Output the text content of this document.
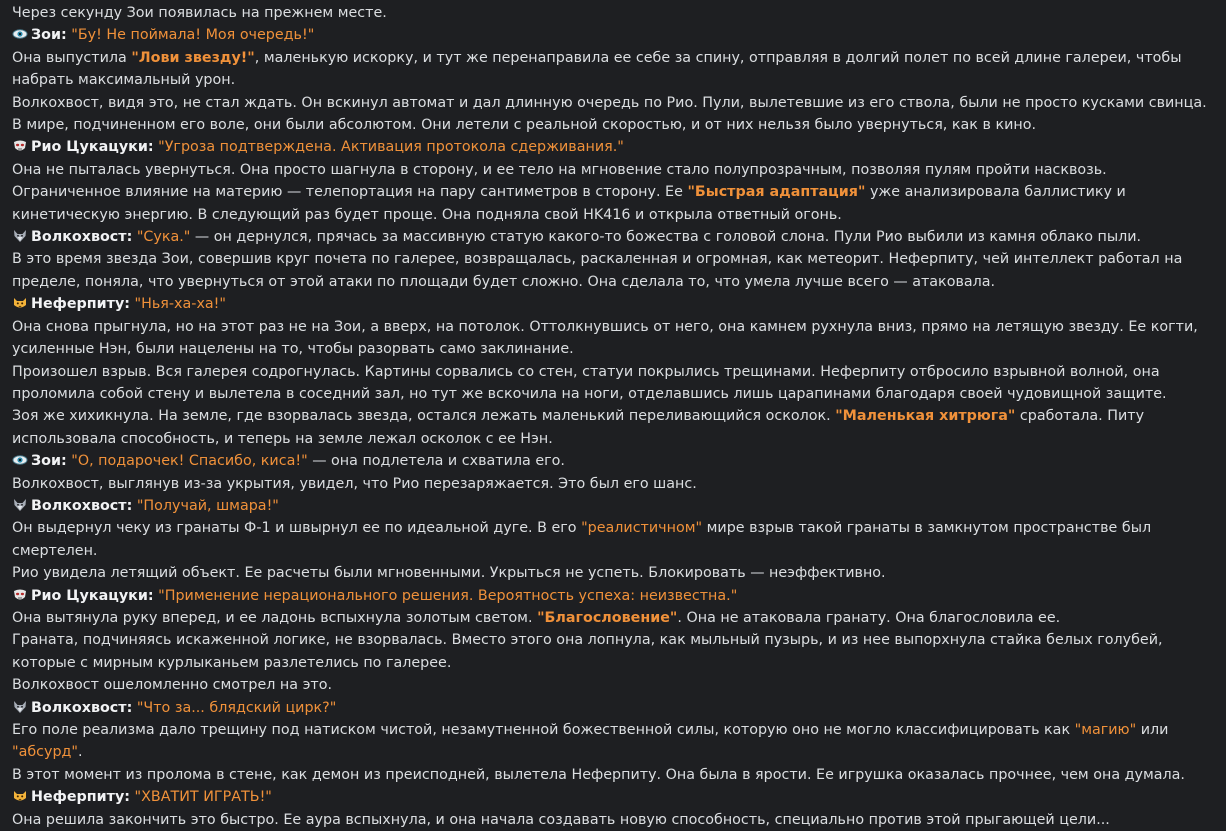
Через секунду Зои появилась на прежнем месте.

Зои: "Бу! Не поймала! Моя очередь!"

Она выпустила "Лови звезду!", маленькую искорку, и тут же перенаправила ее себе за спину, отправляя в долгий полет по всей длине галереи, чтобы набрать максимальный урон.

Волкохвост, видя это, не стал ждать. Он вскинул автомат и дал длинную очередь по Рио. Пули, вылетевшие из его ствола, были не просто кусками свинца. В мире, подчиненном его воле, они были абсолютом. Они летели с реальной скоростью, и от них нельзя было увернуться, как в кино.

Рио Цукацуки: "Угроза подтверждена. Активация протокола сдерживания."

Она не пыталась увернуться. Она просто шагнула в сторону, и ее тело на мгновение стало полупрозрачным, позволяя пулям пройти насквозь. Ограниченное влияние на материю — телепортация на пару сантиметров в сторону. Ее "Быстрая адаптация" уже анализировала баллистику и кинетическую энергию. В следующий раз будет проще. Она подняла свой HK416 и открыла ответный огонь.

Волкохвост: "Сука." — он дернулся, прячась за массивную статую какого-то божества с головой слона. Пули Рио выбили из камня облако пыли.

В это время звезда Зои, совершив круг почета по галерее, возвращалась, раскаленная и огромная, как метеорит. Неферпиту, чей интеллект работал на пределе, поняла, что увернуться от этой атаки по площади будет сложно. Она сделала то, что умела лучше всего — атаковала.

Неферпиту: "Нья-ха-ха!"

Она снова прыгнула, но на этот раз не на Зои, а вверх, на потолок. Оттолкнувшись от него, она камнем рухнула вниз, прямо на летящую звезду. Ее когти, усиленные Нэн, были нацелены на то, чтобы разорвать само заклинание.

Произошел взрыв. Вся галерея содрогнулась. Картины сорвались со стен, статуи покрылись трещинами. Неферпиту отбросило взрывной волной, она проломила собой стену и вылетела в соседний зал, но тут же вскочила на ноги, отделавшись лишь царапинами благодаря своей чудовищной защите.

Зоя же хихикнула. На земле, где взорвалась звезда, остался лежать маленький переливающийся осколок. "Маленькая хитрюга" сработала. Питу использовала способность, и теперь на земле лежал осколок с ее Нэн.

Зои: "О, подарочек! Спасибо, киса!" — она подлетела и схватила его.

Волкохвост, выглянув из-за укрытия, увидел, что Рио перезаряжается. Это был его шанс.

Волкохвост: "Получай, шмара!"

Он выдернул чеку из гранаты Ф-1 и швырнул ее по идеальной дуге. В его "реалистичном" мире взрыв такой гранаты в замкнутом пространстве был смертелен.

Рио увидела летящий объект. Ее расчеты были мгновенными. Укрыться не успеть. Блокировать — неэффективно.

Рио Цукацуки: "Применение нерационального решения. Вероятность успеха: неизвестна."

Она вытянула руку вперед, и ее ладонь вспыхнула золотым светом. "Благословение". Она не атаковала гранату. Она благословила ее.

Граната, подчиняясь искаженной логике, не взорвалась. Вместо этого она лопнула, как мыльный пузырь, и из нее выпорхнула стайка белых голубей, которые с мирным курлыканьем разлетелись по галерее.

Волкохвост ошеломленно смотрел на это.

Волкохвост: "Что за... блядский цирк?"

Его поле реализма дало трещину под натиском чистой, незамутненной божественной силы, которую оно не могло классифицировать как "магию" или "абсурд".

В этот момент из пролома в стене, как демон из преисподней, вылетела Неферпиту. Она была в ярости. Ее игрушка оказалась прочнее, чем она думала.

Неферпиту: "ХВАТИТ ИГРАТЬ!"

Она решила закончить это быстро. Ее аура вспыхнула, и она начала создавать новую способность, специально против этой прыгающей цели...
